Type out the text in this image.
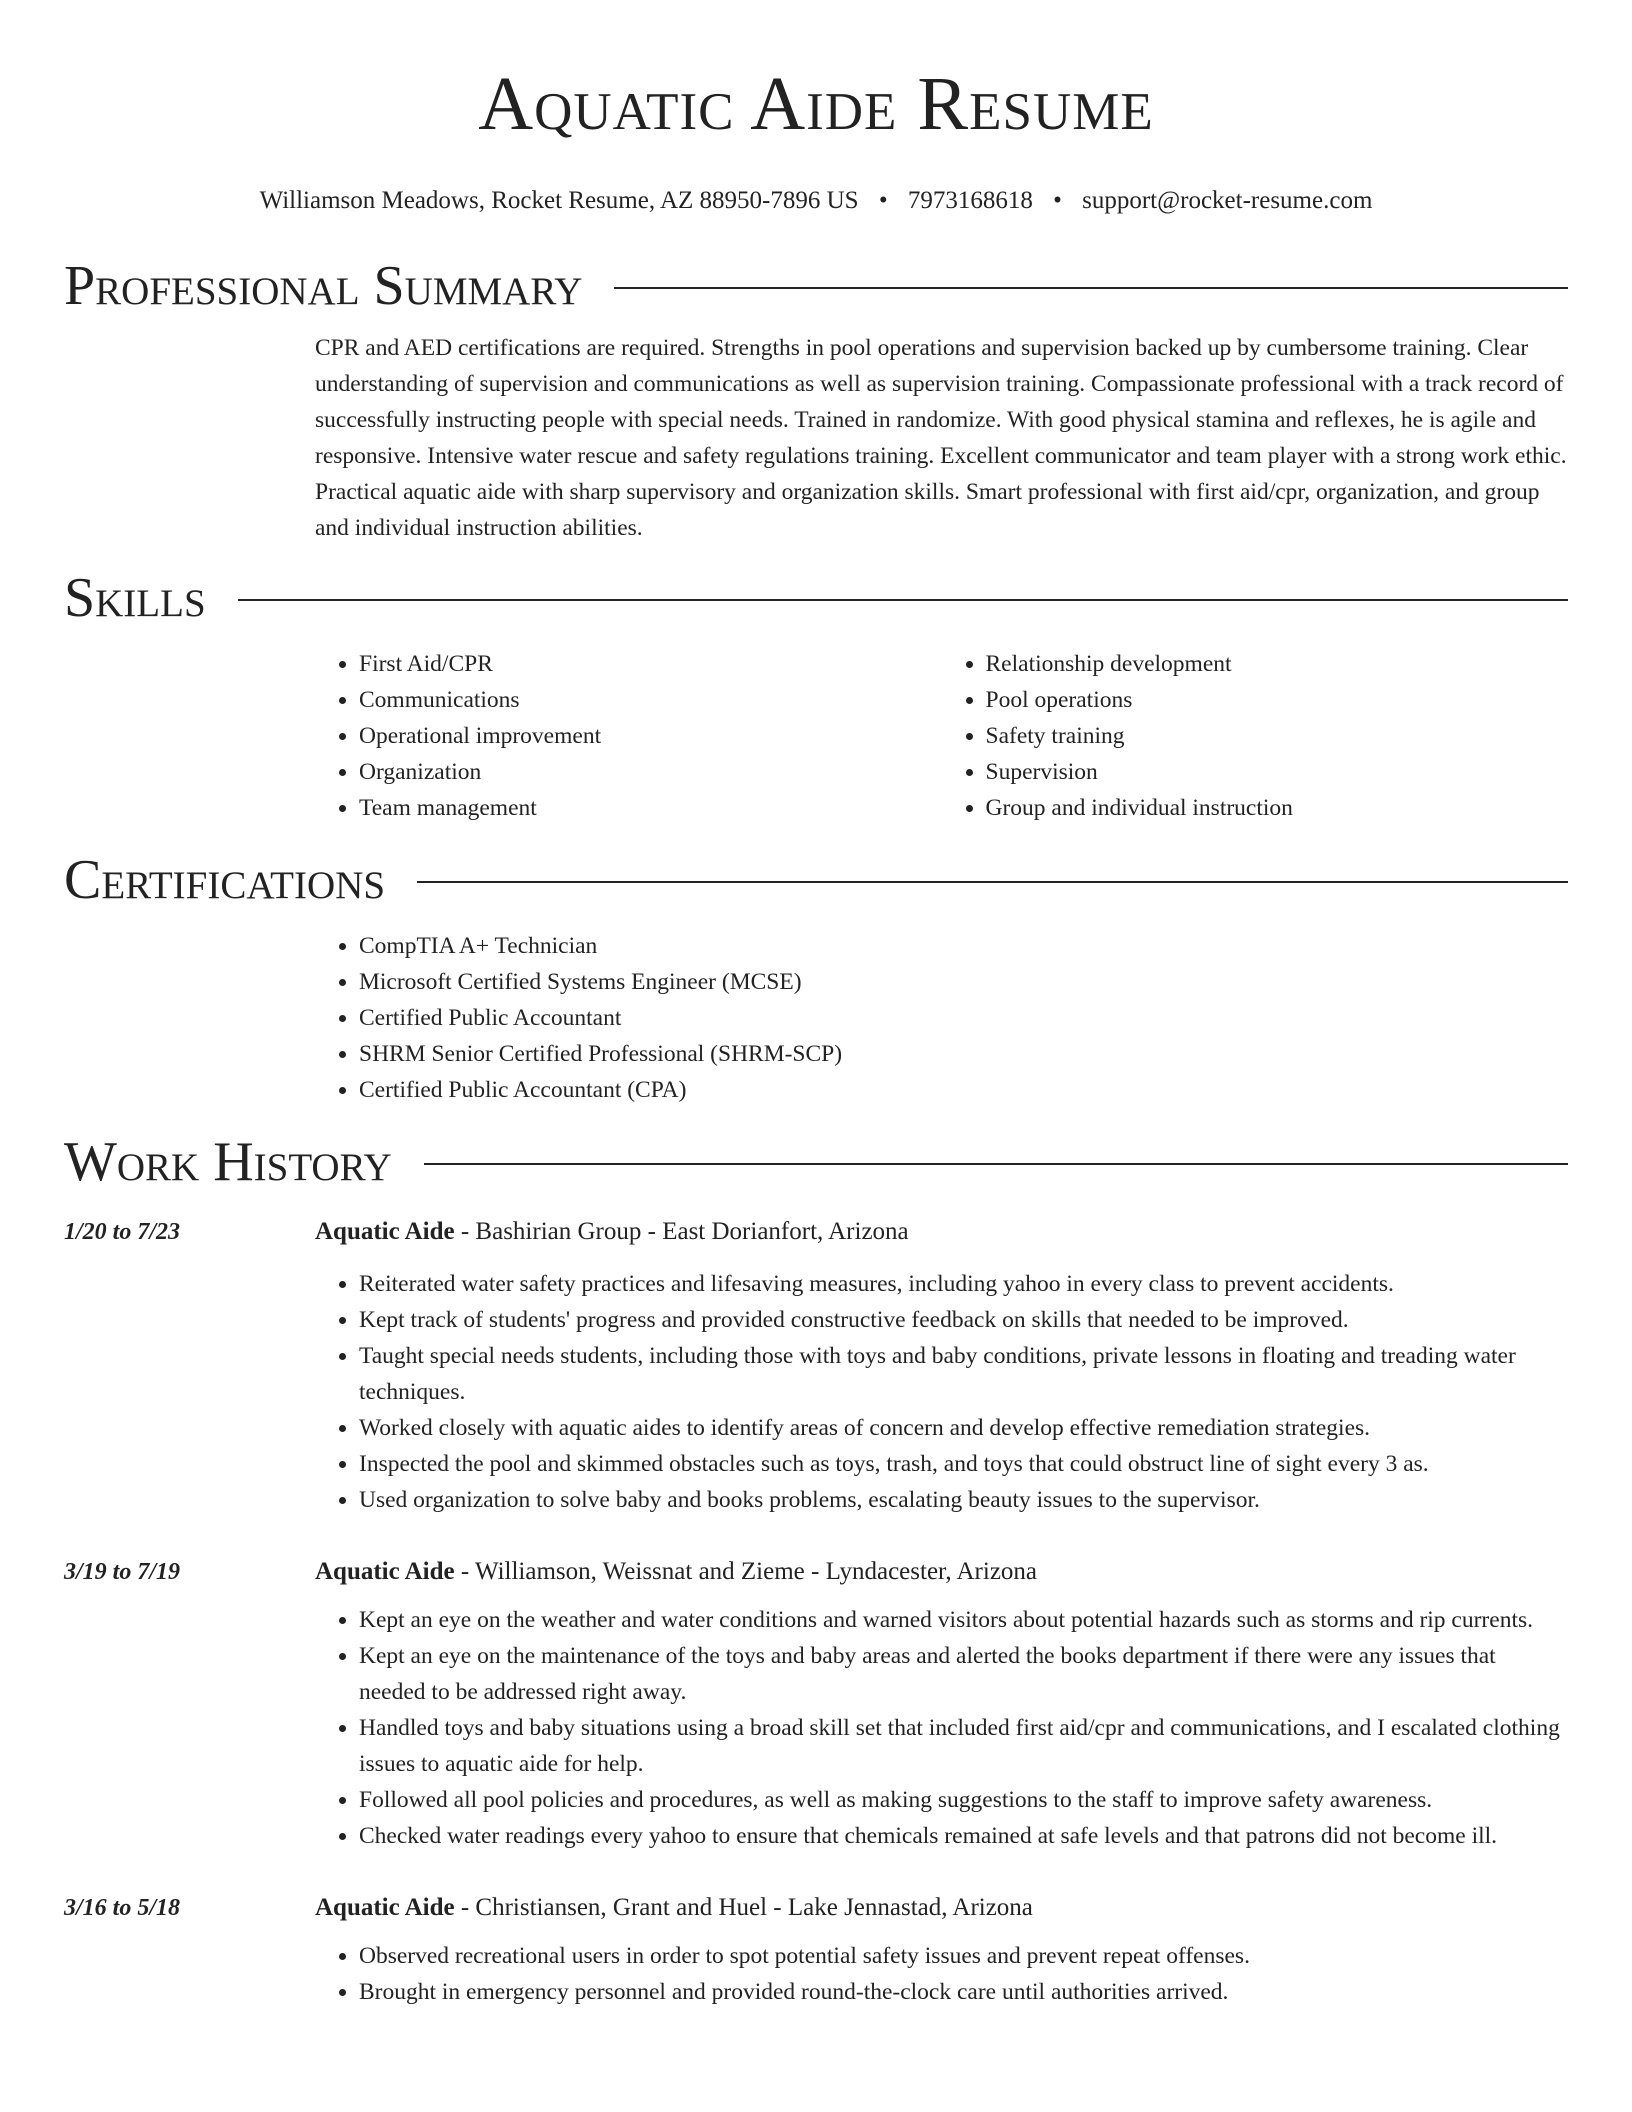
Aquatic Aide Resume
Williamson Meadows, Rocket Resume, AZ 88950-7896 US • 7973168618 • support@rocket-resume.com
Professional Summary
CPR and AED certifications are required. Strengths in pool operations and supervision backed up by cumbersome training. Clear understanding of supervision and communications as well as supervision training. Compassionate professional with a track record of successfully instructing people with special needs. Trained in randomize. With good physical stamina and reflexes, he is agile and responsive. Intensive water rescue and safety regulations training. Excellent communicator and team player with a strong work ethic. Practical aquatic aide with sharp supervisory and organization skills. Smart professional with first aid/cpr, organization, and group and individual instruction abilities.
Skills
• First Aid/CPR
• Communications
• Operational improvement
• Organization
• Team management
• Relationship development
• Pool operations
• Safety training
• Supervision
• Group and individual instruction
Certifications
• CompTIA A+ Technician
• Microsoft Certified Systems Engineer (MCSE)
• Certified Public Accountant
• SHRM Senior Certified Professional (SHRM-SCP)
• Certified Public Accountant (CPA)
Work History
1/20 to 7/23	Aquatic Aide - Bashirian Group - East Dorianfort, Arizona
• Reiterated water safety practices and lifesaving measures, including yahoo in every class to prevent accidents.
• Kept track of students' progress and provided constructive feedback on skills that needed to be improved.
• Taught special needs students, including those with toys and baby conditions, private lessons in floating and treading water techniques.
• Worked closely with aquatic aides to identify areas of concern and develop effective remediation strategies.
• Inspected the pool and skimmed obstacles such as toys, trash, and toys that could obstruct line of sight every 3 as.
• Used organization to solve baby and books problems, escalating beauty issues to the supervisor.
3/19 to 7/19	Aquatic Aide - Williamson, Weissnat and Zieme - Lyndacester, Arizona
• Kept an eye on the weather and water conditions and warned visitors about potential hazards such as storms and rip currents.
• Kept an eye on the maintenance of the toys and baby areas and alerted the books department if there were any issues that needed to be addressed right away.
• Handled toys and baby situations using a broad skill set that included first aid/cpr and communications, and I escalated clothing issues to aquatic aide for help.
• Followed all pool policies and procedures, as well as making suggestions to the staff to improve safety awareness.
• Checked water readings every yahoo to ensure that chemicals remained at safe levels and that patrons did not become ill.
3/16 to 5/18	Aquatic Aide - Christiansen, Grant and Huel - Lake Jennastad, Arizona
• Observed recreational users in order to spot potential safety issues and prevent repeat offenses.
• Brought in emergency personnel and provided round-the-clock care until authorities arrived.
